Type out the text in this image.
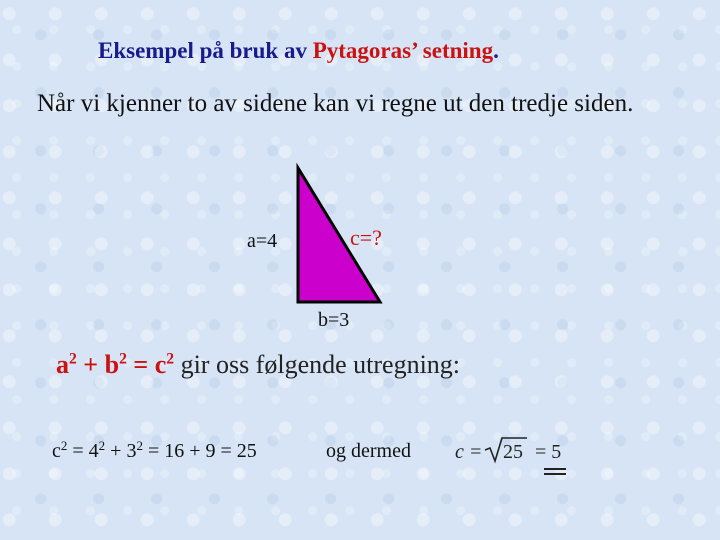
Eksempel på bruk av Pytagoras’ setning.
Når vi kjenner to av sidene kan vi regne ut den tredje siden.
a=4	c=?
b=3
$a^2 + b^2 = c^2$ gir oss følgende utregning:
$c^2 = 4^2 + 3^2 = 16 + 9 = 25$	og dermed c = 25 = 5
